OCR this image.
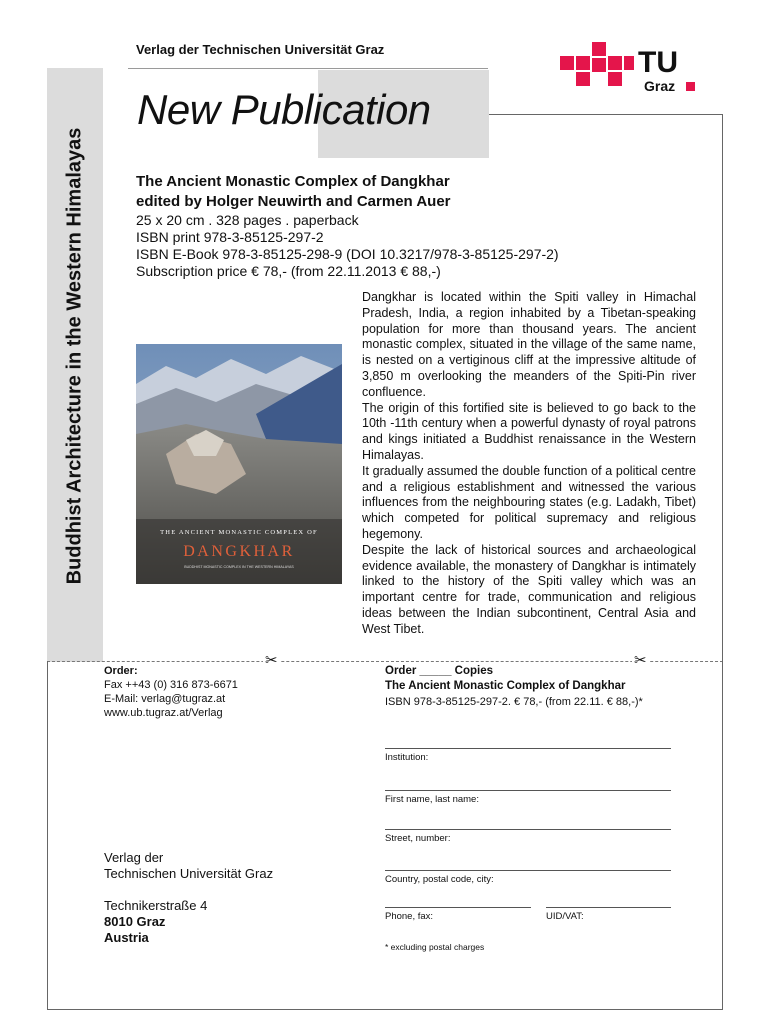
Verlag der Technischen Universität Graz
Buddhist Architecture in the Western Himalayas
New Publication
TU
Graz
The Ancient Monastic Complex of Dangkhar
edited by Holger Neuwirth and Carmen Auer
25 x 20 cm . 328 pages . paperback
ISBN print 978-3-85125-297-2
ISBN E-Book 978-3-85125-298-9 (DOI 10.3217/978-3-85125-297-2)
Subscription price € 78,- (from 22.11.2013 € 88,-)
THE ANCIENT MONASTIC COMPLEX OF
DANGKHAR
BUDDHIST MONASTIC COMPLEX IN THE WESTERN HIMALAYAS

Dangkhar is located within the Spiti valley in Himachal Pradesh, India, a region inhabited by a Tibetan-speaking population for more than thousand years. The ancient monastic complex, situated in the village of the same name, is nested on a vertiginous cliff at the impressive altitude of 3,850 m overlooking the meanders of the Spiti-Pin river confluence.

The origin of this fortified site is believed to go back to the 10th -11th century when a powerful dynasty of royal patrons and kings initiated a Buddhist renaissance in the Western Himalayas.

It gradually assumed the double function of a political centre and a religious establishment and witnessed the various influences from the neighbouring states (e.g. Ladakh, Tibet) which competed for political supremacy and religious hegemony.

Despite the lack of historical sources and archaeological evidence available, the monastery of Dangkhar is intimately linked to the history of the Spiti valley which was an important centre for trade, communication and religious ideas between the Indian subcontinent, Central Asia and West Tibet.

✂	✂
Order:
Fax ++43 (0) 316 873-6671
E-Mail: verlag@tugraz.at
www.ub.tugraz.at/Verlag
Order _____ Copies
The Ancient Monastic Complex of Dangkhar
ISBN 978-3-85125-297-2. € 78,- (from 22.11. € 88,-)*
Institution:
First name, last name:
Street, number:
Country, postal code, city:
Phone, fax:	UID/VAT:
* excluding postal charges
Verlag der
Technischen Universität Graz
Technikerstraße 4
8010 Graz
Austria
